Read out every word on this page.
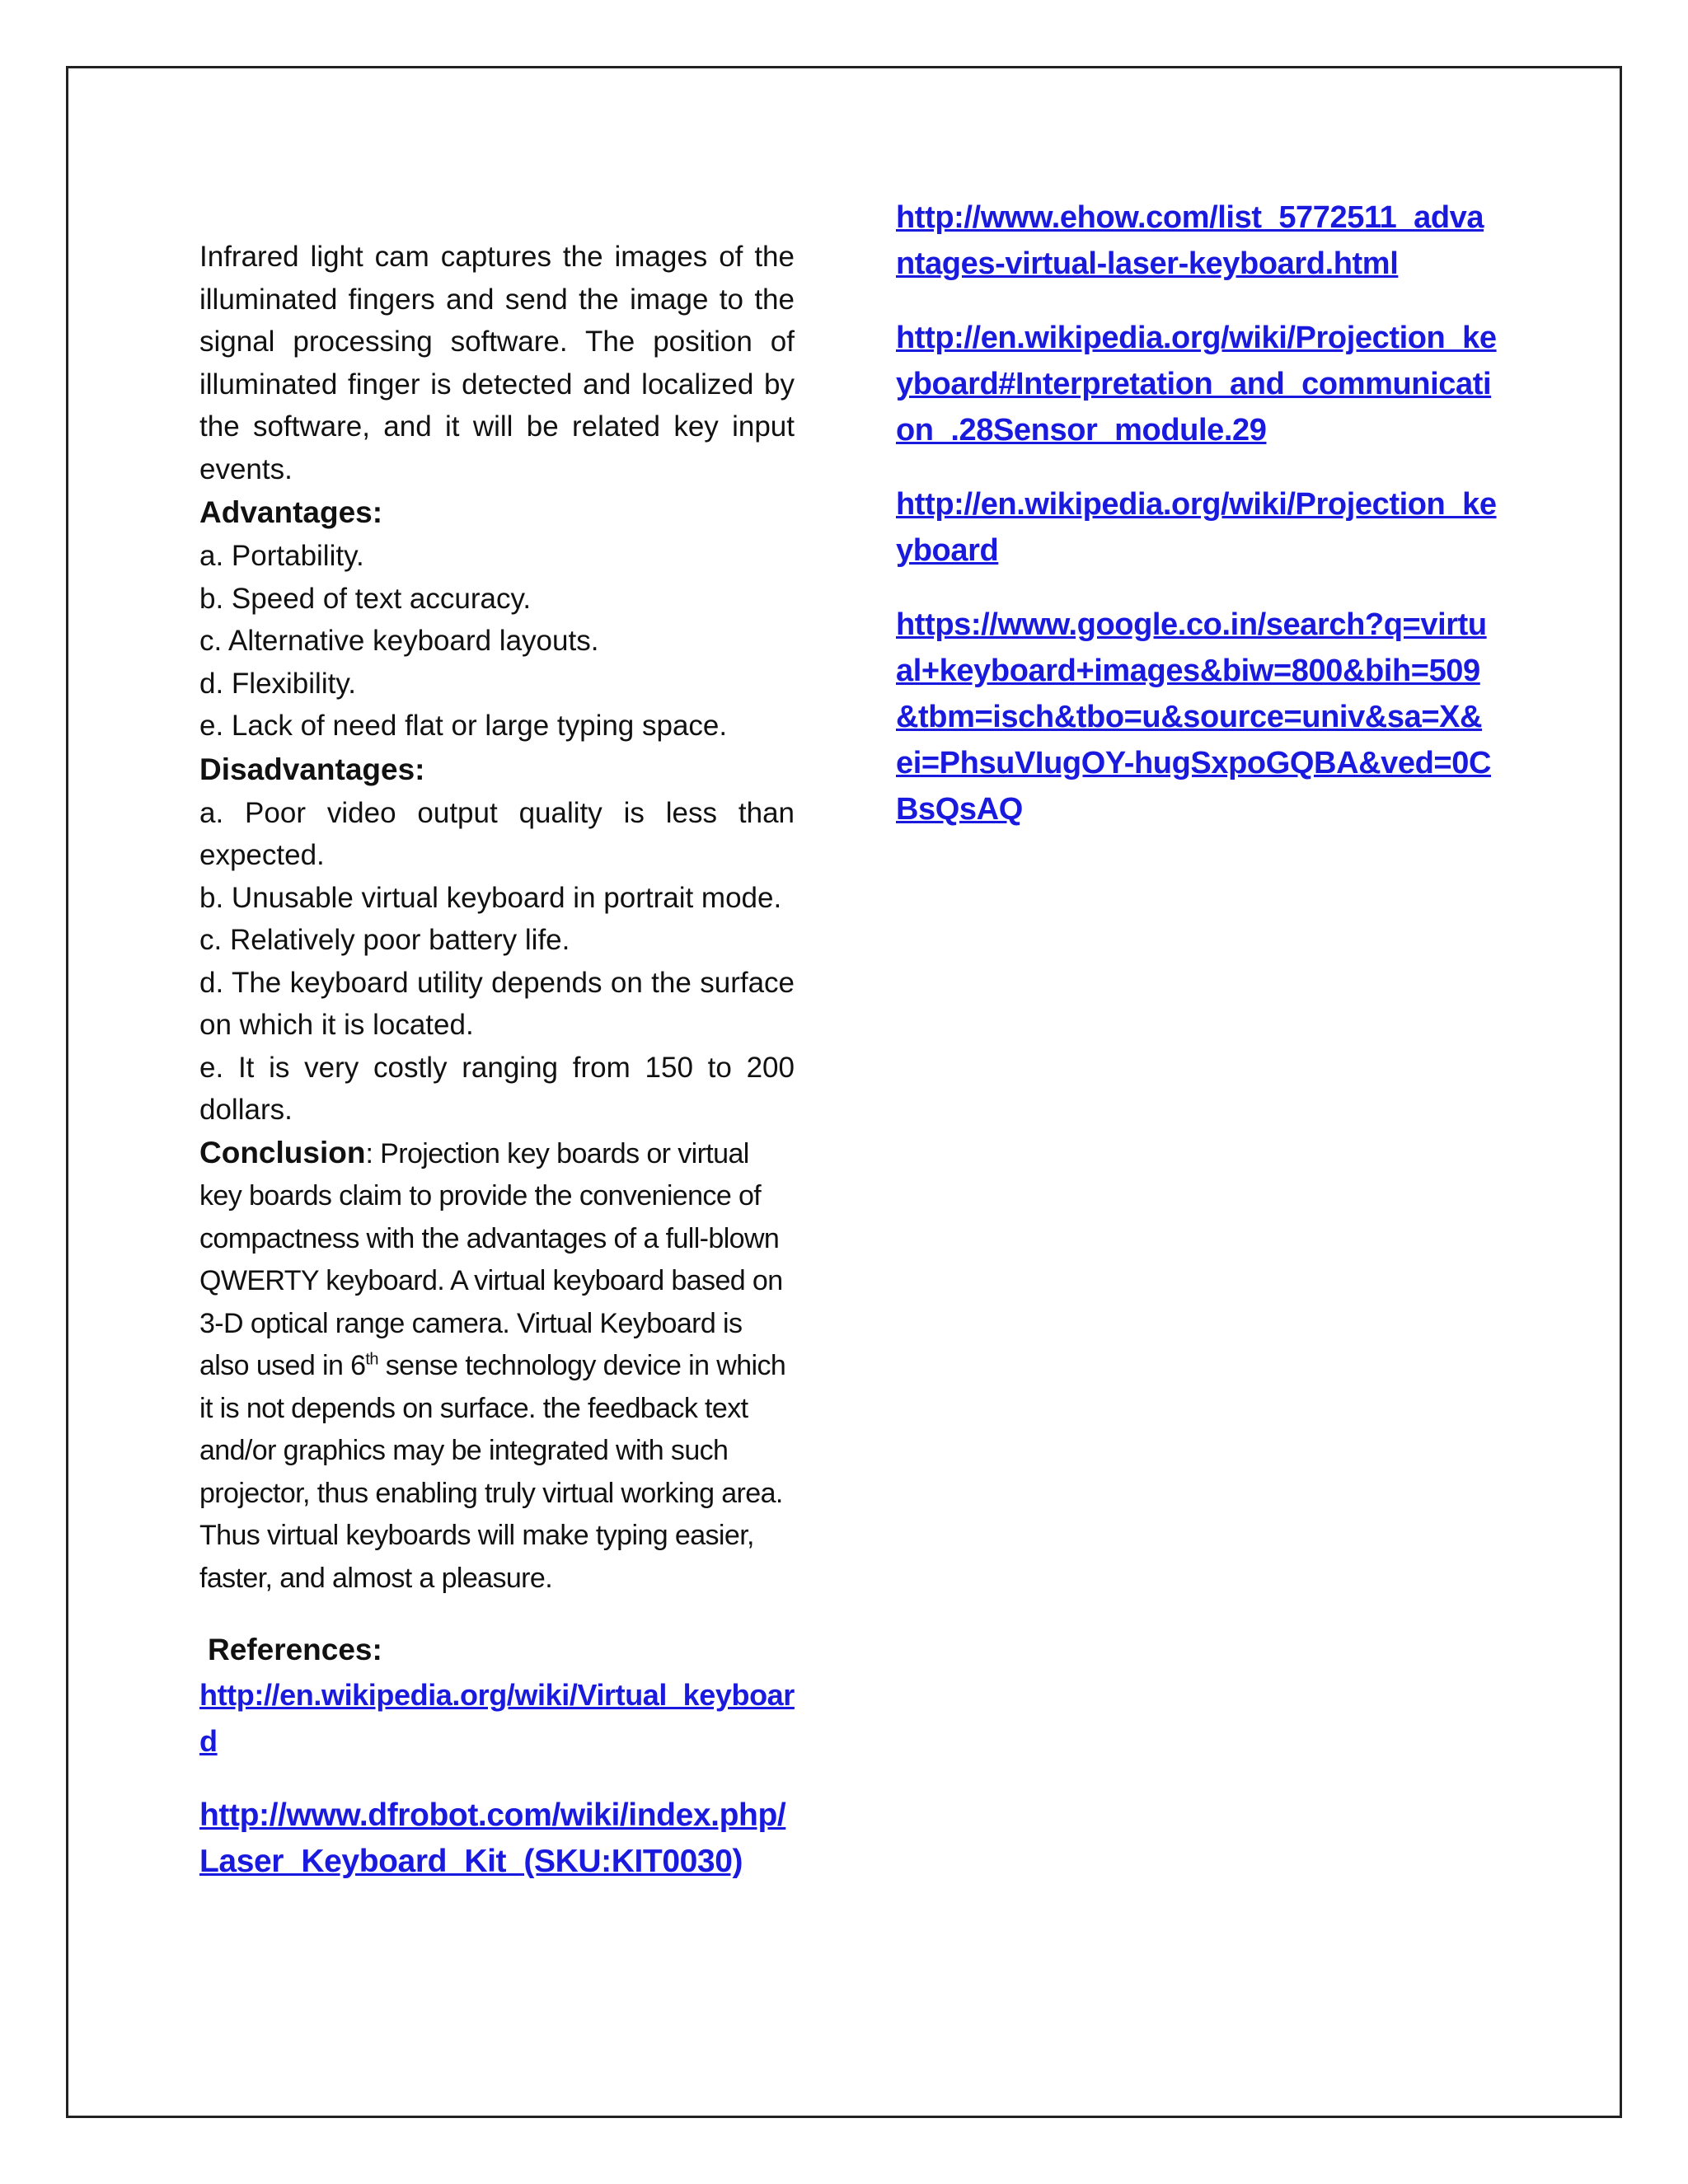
Infrared light cam captures the images of the illuminated fingers and send the image to the signal processing software. The position of illuminated finger is detected and localized by the software, and it will be related key input events.

Advantages:

a. Portability.

b. Speed of text accuracy.

c. Alternative keyboard layouts.

d. Flexibility.

e. Lack of need flat or large typing space.

Disadvantages:

a. Poor video output quality is less than expected.

b. Unusable virtual keyboard in portrait mode.

c. Relatively poor battery life.

d. The keyboard utility depends on the surface on which it is located.

e. It is very costly ranging from 150 to 200 dollars.

Conclusion: Projection key boards or virtual key boards claim to provide the convenience of compactness with the advantages of a full-blown QWERTY keyboard. A virtual keyboard based on 3-D optical range camera. Virtual Keyboard is also used in 6th sense technology device in which it is not depends on surface. the feedback text and/or graphics may be integrated with such projector, thus enabling truly virtual working area. Thus virtual keyboards will make typing easier, faster, and almost a pleasure.

References:

http://en.wikipedia.org/wiki/Virtual_keyboard
http://www.dfrobot.com/wiki/index.php/Laser_Keyboard_Kit_(SKU:KIT0030)
http://www.ehow.com/list_5772511_advantages-virtual-laser-keyboard.html
http://en.wikipedia.org/wiki/Projection_keyboard#Interpretation_and_communication_.28Sensor_module.29
http://en.wikipedia.org/wiki/Projection_keyboard
https://www.google.co.in/search?q=virtual+keyboard+images&biw=800&bih=509&tbm=isch&tbo=u&source=univ&sa=X&ei=PhsuVIugOY-hugSxpoGQBA&ved=0CBsQsAQ
